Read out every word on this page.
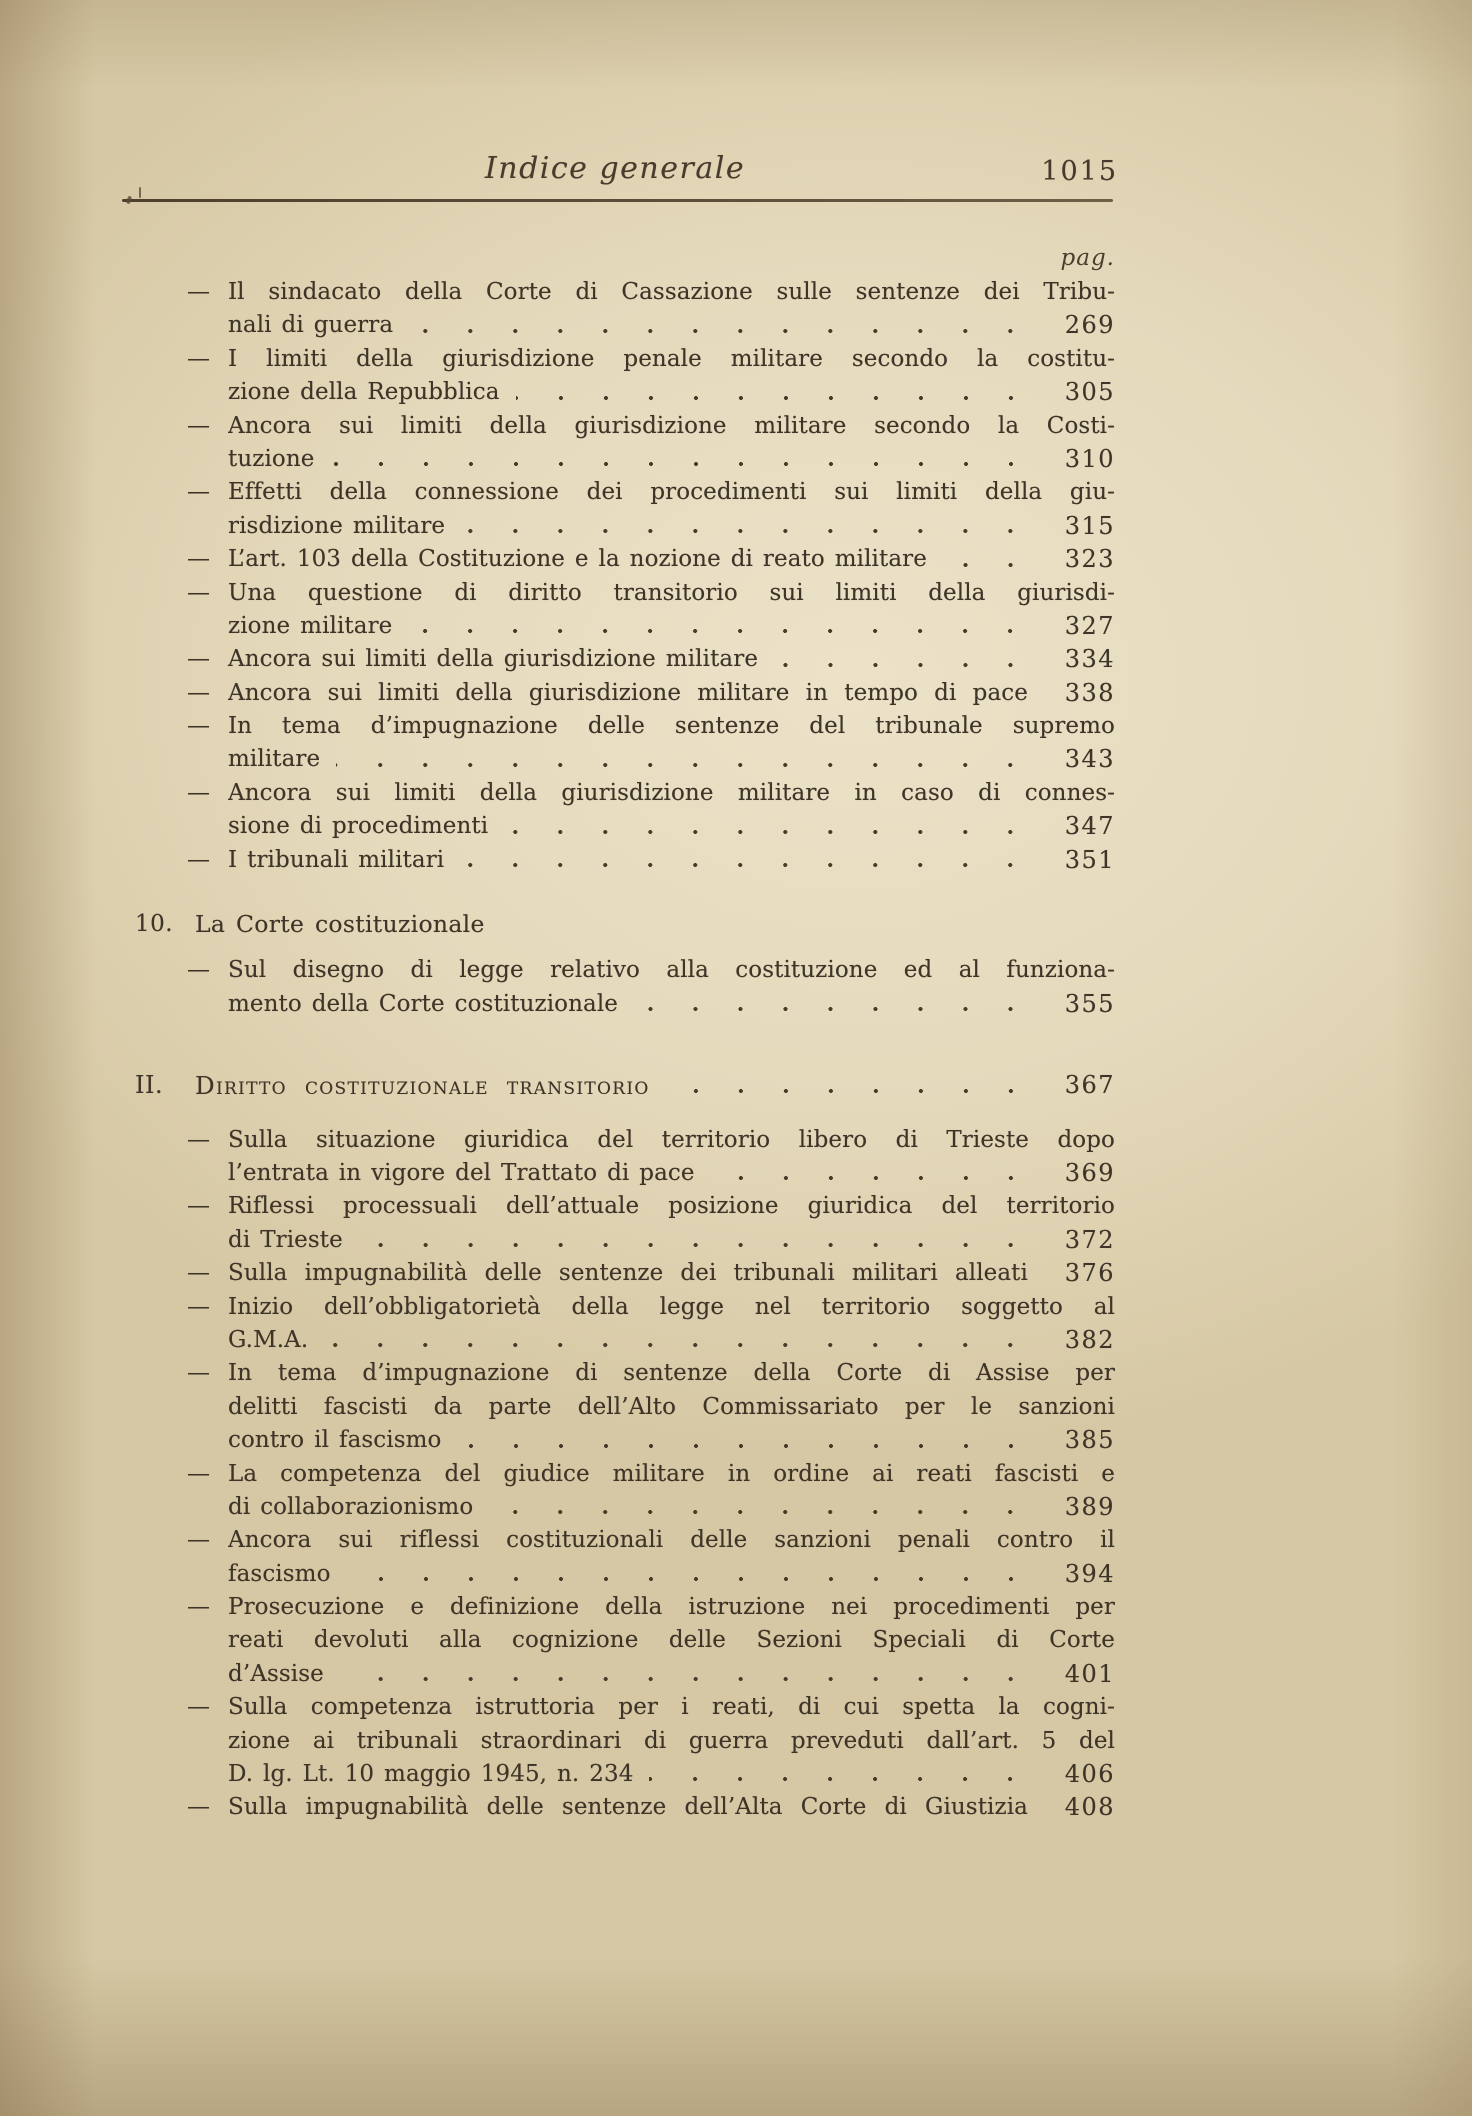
Indice generale	1015
pag.
— Il sindacato della Corte di Cassazione sulle sentenze dei Tribu-
nali di guerra	269
— I limiti della giurisdizione penale militare secondo la costitu-
zione della Repubblica	305
— Ancora sui limiti della giurisdizione militare secondo la Costi-
tuzione	310
— Effetti della connessione dei procedimenti sui limiti della giu-
risdizione militare	315
— L’art. 103 della Costituzione e la nozione di reato militare	323
— Una questione di diritto transitorio sui limiti della giurisdi-
zione militare	327
— Ancora sui limiti della giurisdizione militare	334
— Ancora sui limiti della giurisdizione militare in tempo di pace 338
— In tema d’impugnazione delle sentenze del tribunale supremo
militare	343
— Ancora sui limiti della giurisdizione militare in caso di connes-
sione di procedimenti	347
— I tribunali militari	351
10. La Corte costituzionale
— Sul disegno di legge relativo alla costituzione ed al funziona-
mento della Corte costituzionale	355
II. Diritto costituzionale transitorio	367
— Sulla situazione giuridica del territorio libero di Trieste dopo
l’entrata in vigore del Trattato di pace	369
— Riflessi processuali dell’attuale posizione giuridica del territorio
di Trieste	372
— Sulla impugnabilità delle sentenze dei tribunali militari alleati 376
— Inizio dell’obbligatorietà della legge nel territorio soggetto al
G.M.A.	382
— In tema d’impugnazione di sentenze della Corte di Assise per
delitti fascisti da parte dell’Alto Commissariato per le sanzioni
contro il fascismo	385
— La competenza del giudice militare in ordine ai reati fascisti e
di collaborazionismo	389
— Ancora sui riflessi costituzionali delle sanzioni penali contro il
fascismo	394
— Prosecuzione e definizione della istruzione nei procedimenti per
reati devoluti alla cognizione delle Sezioni Speciali di Corte
d’Assise	401
— Sulla competenza istruttoria per i reati, di cui spetta la cogni-
zione ai tribunali straordinari di guerra preveduti dall’art. 5 del
D. lg. Lt. 10 maggio 1945, n. 234	406
— Sulla impugnabilità delle sentenze dell’Alta Corte di Giustizia 408
